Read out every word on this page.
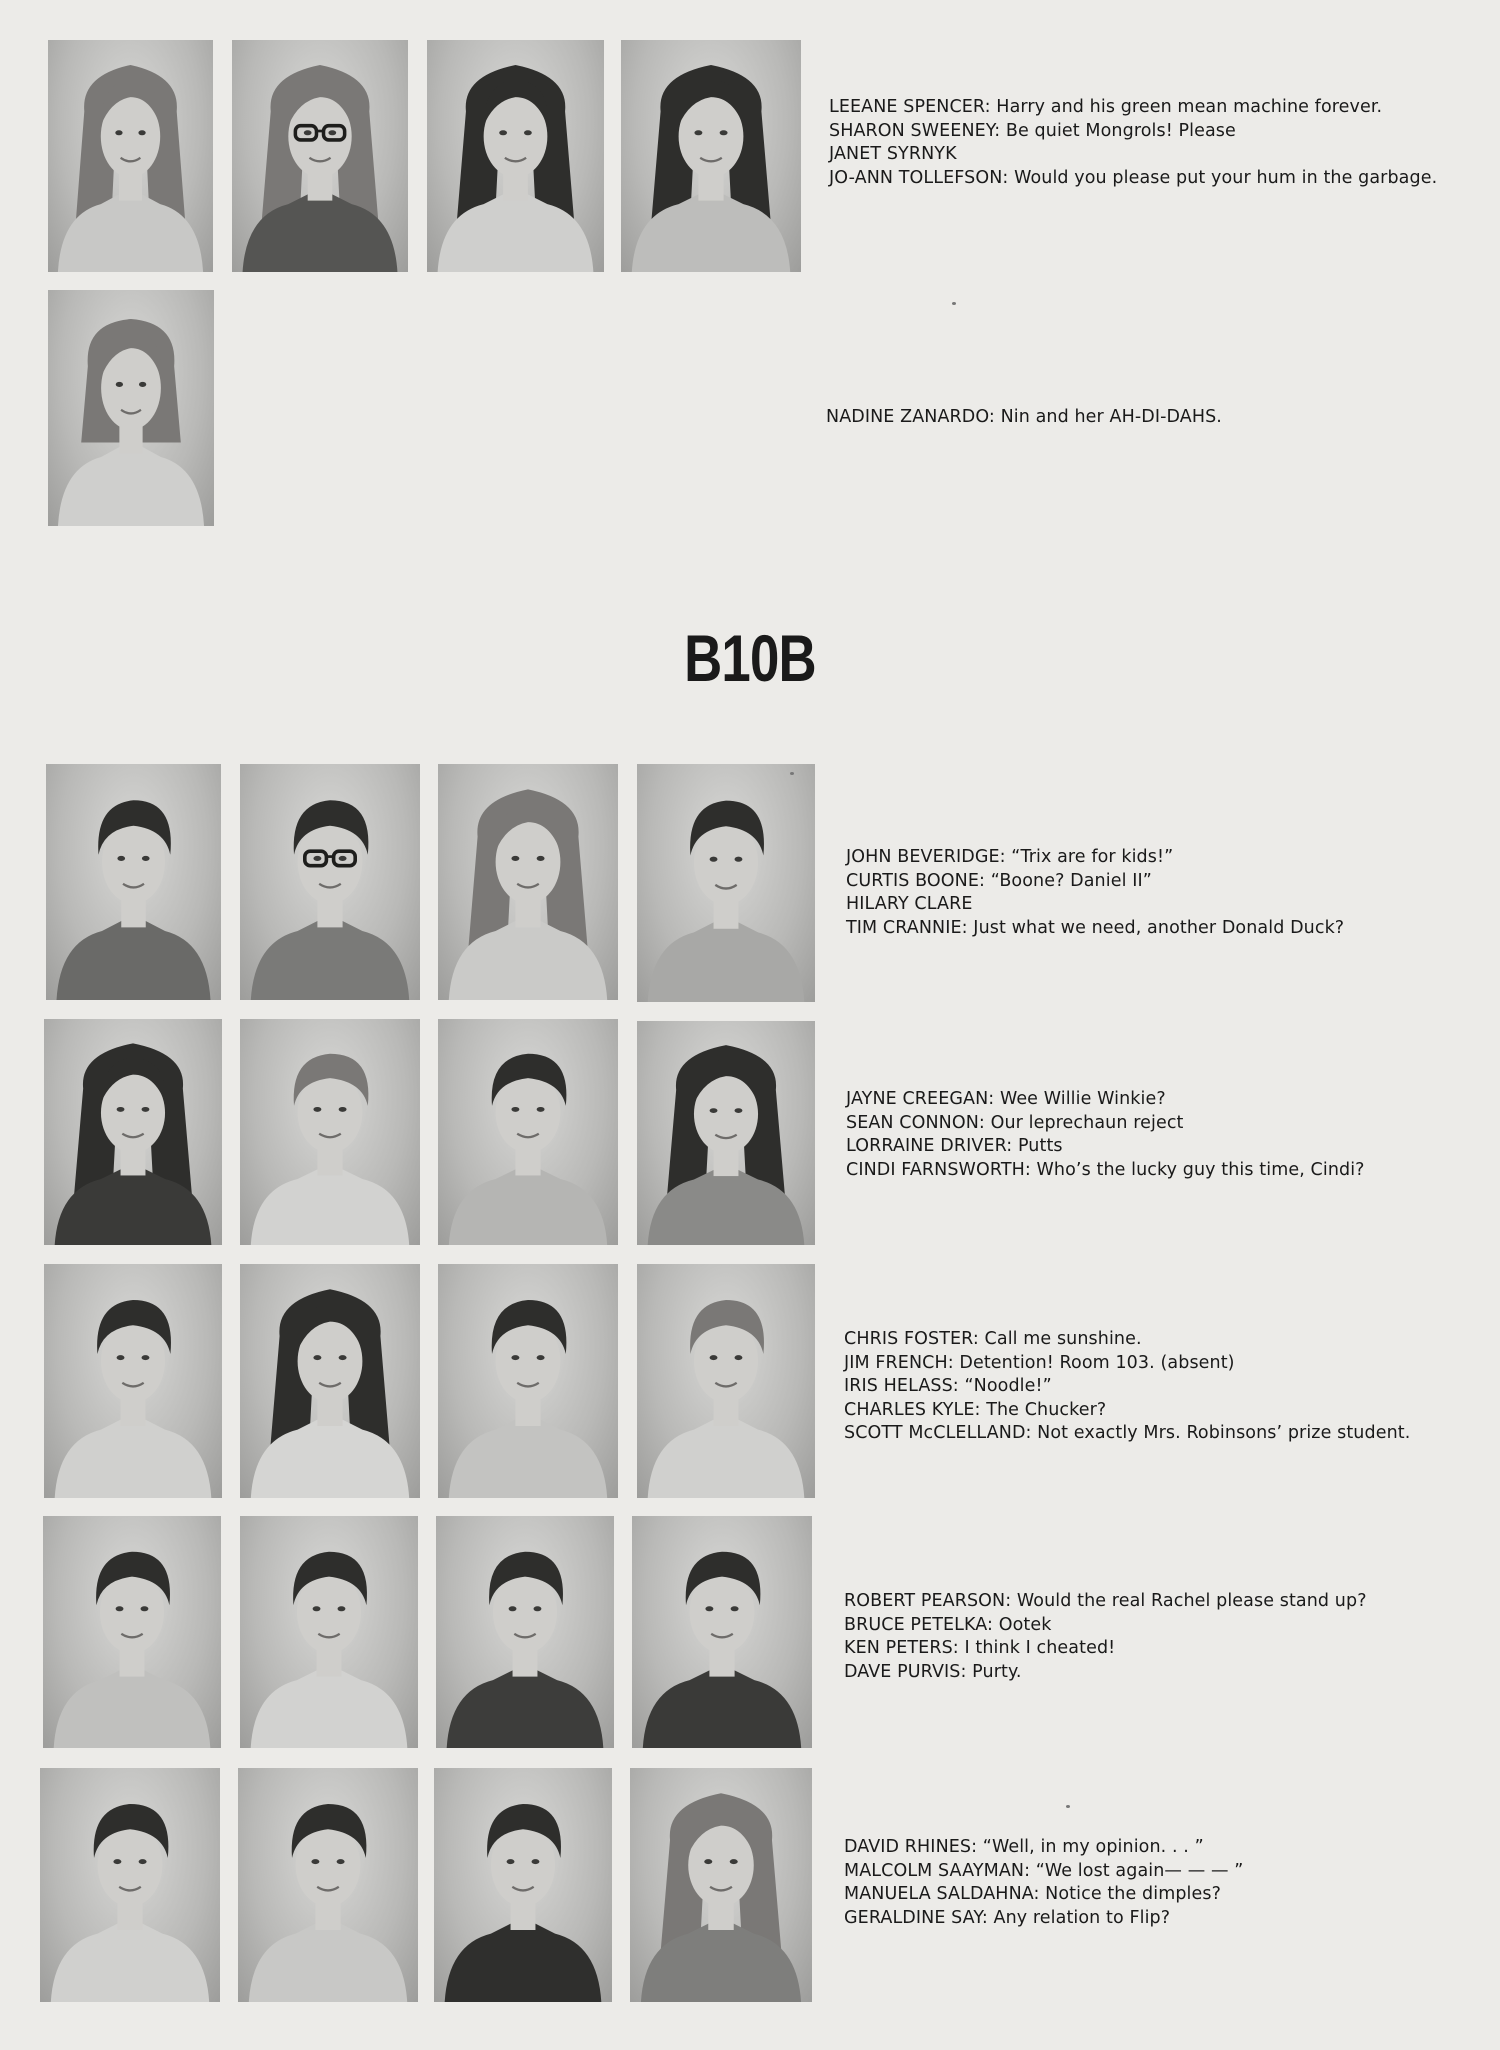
LEEANE SPENCER: Harry and his green mean machine forever.
SHARON SWEENEY: Be quiet Mongrols! Please
JANET SYRNYK
JO-ANN TOLLEFSON: Would you please put your hum in the garbage.
NADINE ZANARDO: Nin and her AH-DI-DAHS.
B10B
JOHN BEVERIDGE: “Trix are for kids!”
CURTIS BOONE: “Boone? Daniel II”
HILARY CLARE
TIM CRANNIE: Just what we need, another Donald Duck?
JAYNE CREEGAN: Wee Willie Winkie?
SEAN CONNON: Our leprechaun reject
LORRAINE DRIVER: Putts
CINDI FARNSWORTH: Who’s the lucky guy this time, Cindi?
CHRIS FOSTER: Call me sunshine.
JIM FRENCH: Detention! Room 103. (absent)
IRIS HELASS: “Noodle!”
CHARLES KYLE: The Chucker?
SCOTT McCLELLAND: Not exactly Mrs. Robinsons’ prize student.
ROBERT PEARSON: Would the real Rachel please stand up?
BRUCE PETELKA: Ootek
KEN PETERS: I think I cheated!
DAVE PURVIS: Purty.
DAVID RHINES: “Well, in my opinion. . . ”
MALCOLM SAAYMAN: “We lost again— — — ”
MANUELA SALDAHNA: Notice the dimples?
GERALDINE SAY: Any relation to Flip?
